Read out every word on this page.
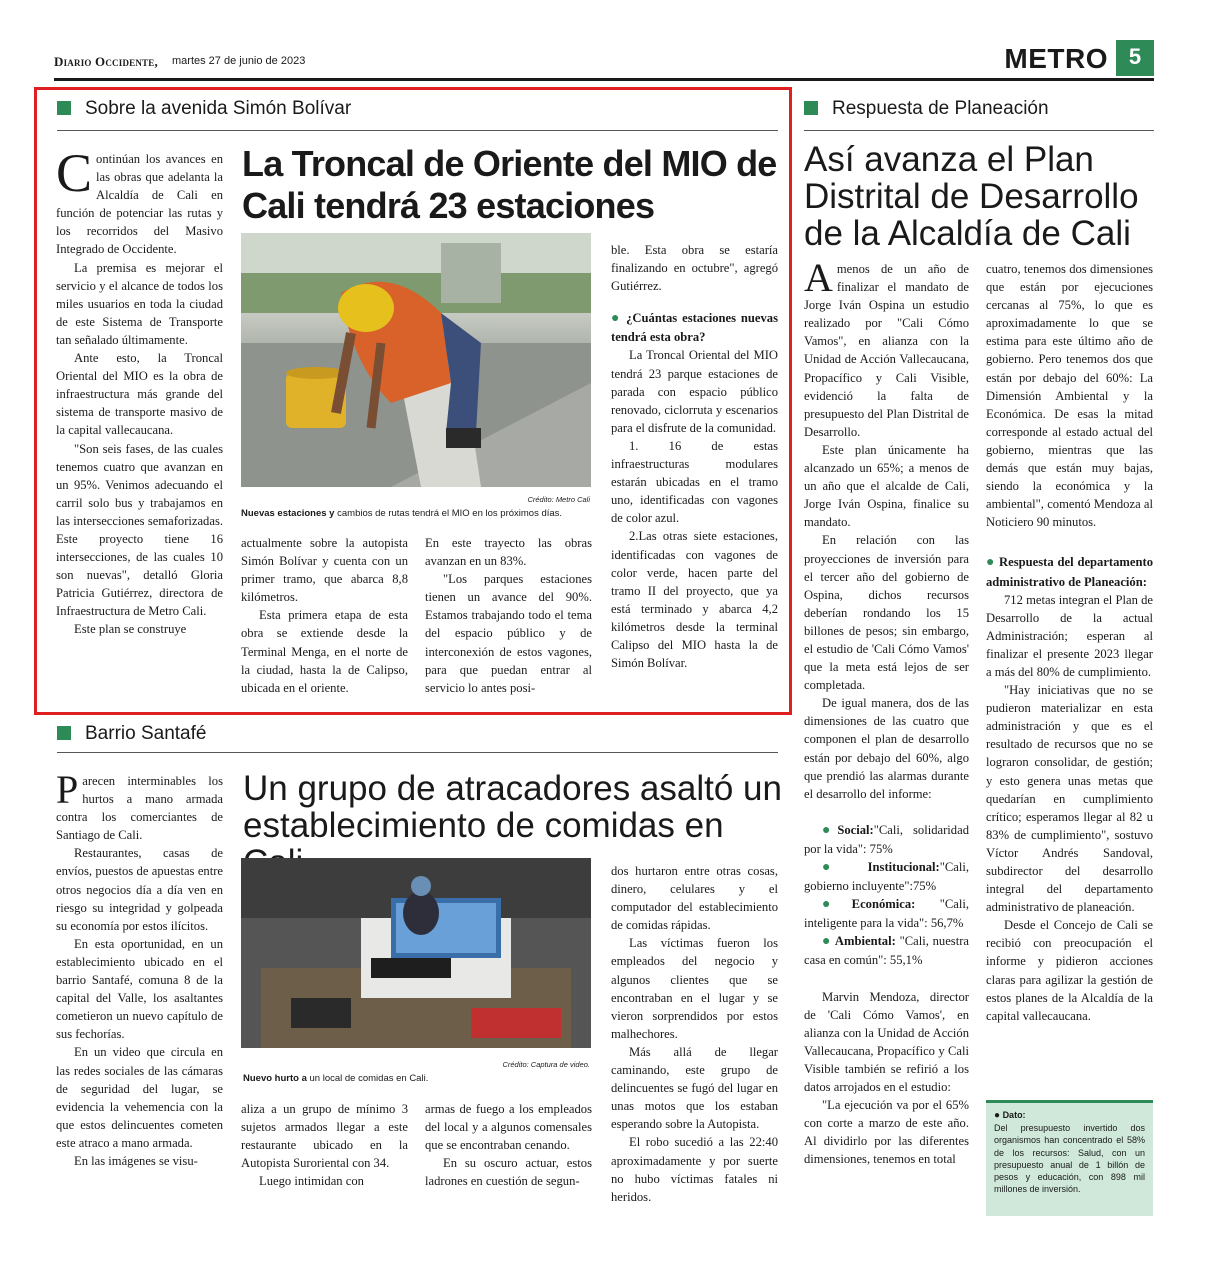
Diario Occidente, martes 27 de junio de 2023	METRO 5
Sobre la avenida Simón Bolívar
La Troncal de Oriente del MIO de
Cali tendrá 23 estaciones

Continúan los avances en las obras que adelanta la Alcaldía de Cali en función de potenciar las rutas y los recorridos del Masivo Integrado de Occidente.

La premisa es mejorar el servicio y el alcance de todos los miles usuarios en toda la ciudad de este Sistema de Transporte tan señalado últimamente.

Ante esto, la Troncal Oriental del MIO es la obra de infraestructura más grande del sistema de transporte masivo de la capital vallecaucana.

"Son seis fases, de las cuales tenemos cuatro que avanzan en un 95%. Venimos adecuando el carril solo bus y trabajamos en las intersecciones semaforizadas. Este proyecto tiene 16 intersecciones, de las cuales 10 son nuevas", detalló Gloria Patricia Gutiérrez, directora de Infraestructura de Metro Cali.

Este plan se construye

Crédito: Metro Cali
Nuevas estaciones y cambios de rutas tendrá el MIO en los próximos días.

actualmente sobre la autopista Simón Bolívar y cuenta con un primer tramo, que abarca 8,8 kilómetros.

Esta primera etapa de esta obra se extiende desde la Terminal Menga, en el norte de la ciudad, hasta la de Calipso, ubicada en el oriente.

En este trayecto las obras avanzan en un 83%.

"Los parques estaciones tienen un avance del 90%. Estamos trabajando todo el tema del espacio público y de interconexión de estos vagones, para que puedan entrar al servicio lo antes posi-

ble. Esta obra se estaría finalizando en octubre", agregó Gutiérrez.

● ¿Cuántas estaciones nuevas tendrá esta obra?

La Troncal Oriental del MIO tendrá 23 parque estaciones de parada con espacio público renovado, ciclorruta y escenarios para el disfrute de la comunidad.

1. 16 de estas infraestructuras modulares estarán ubicadas en el tramo uno, identificadas con vagones de color azul.

2.Las otras siete estaciones, identificadas con vagones de color verde, hacen parte del tramo II del proyecto, que ya está terminado y abarca 4,2 kilómetros desde la terminal Calipso del MIO hasta la de Simón Bolívar.

Barrio Santafé
Un grupo de atracadores asaltó un
establecimiento de comidas en

Parecen interminables los hurtos a mano armada contra los comerciantes de Santiago de Cali.

Restaurantes, casas de envíos, puestos de apuestas entre otros negocios día a día ven en riesgo su integridad y golpeada su economía por estos ilícitos.

En esta oportunidad, en un establecimiento ubicado en el barrio Santafé, comuna 8 de la capital del Valle, los asaltantes cometieron un nuevo capítulo de sus fechorías.

En un video que circula en las redes sociales de las cámaras de seguridad del lugar, se evidencia la vehemencia con la que estos delincuentes cometen este atraco a mano armada.

En las imágenes se visu-

Crédito: Captura de video.
Nuevo hurto a un local de comidas en Cali.

aliza a un grupo de mínimo 3 sujetos armados llegar a este restaurante ubicado en la Autopista Suroriental con 34.

Luego intimidan con

armas de fuego a los empleados del local y a algunos comensales que se encontraban cenando.

En su oscuro actuar, estos ladrones en cuestión de segun-

dos hurtaron entre otras cosas, dinero, celulares y el computador del establecimiento de comidas rápidas.

Las víctimas fueron los empleados del negocio y algunos clientes que se encontraban en el lugar y se vieron sorprendidos por estos malhechores.

Más allá de llegar caminando, este grupo de delincuentes se fugó del lugar en unas motos que los estaban esperando sobre la Autopista.

El robo sucedió a las 22:40 aproximadamente y por suerte no hubo víctimas fatales ni heridos.

Respuesta de Planeación
Así avanza el Plan
Distrital de Desarrollo
de la Alcaldía de Cali

Amenos de un año de finalizar el mandato de Jorge Iván Ospina un estudio realizado por "Cali Cómo Vamos", en alianza con la Unidad de Acción Vallecaucana, Propacífico y Cali Visible, evidenció la falta de presupuesto del Plan Distrital de Desarrollo.

Este plan únicamente ha alcanzado un 65%; a menos de un año que el alcalde de Cali, Jorge Iván Ospina, finalice su mandato.

En relación con las proyecciones de inversión para el tercer año del gobierno de Ospina, dichos recursos deberían rondando los 15 billones de pesos; sin embargo, el estudio de 'Cali Cómo Vamos' que la meta está lejos de ser completada.

De igual manera, dos de las dimensiones de las cuatro que componen el plan de desarrollo están por debajo del 60%, algo que prendió las alarmas durante el desarrollo del informe:

●Social:"Cali, solidaridad por la vida": 75%

●Institucional:"Cali, gobierno incluyente":75%

●Económica: "Cali, inteligente para la vida": 56,7%

● Ambiental: "Cali, nuestra casa en común": 55,1%

Marvin Mendoza, director de 'Cali Cómo Vamos', en alianza con la Unidad de Acción Vallecaucana, Propacífico y Cali Visible también se refirió a los datos arrojados en el estudio:

"La ejecución va por el 65% con corte a marzo de este año. Al dividirlo por las diferentes dimensiones, tenemos en total

cuatro, tenemos dos dimensiones que están por ejecuciones cercanas al 75%, lo que es aproximadamente lo que se estima para este último año de gobierno. Pero tenemos dos que están por debajo del 60%: La Dimensión Ambiental y la Económica. De esas la mitad corresponde al estado actual del gobierno, mientras que las demás que están muy bajas, siendo la económica y la ambiental", comentó Mendoza al Noticiero 90 minutos.

● Respuesta del departamento administrativo de Planeación:

712 metas integran el Plan de Desarrollo de la actual Administración; esperan al finalizar el presente 2023 llegar a más del 80% de cumplimiento.

"Hay iniciativas que no se pudieron materializar en esta administración y que es el resultado de recursos que no se lograron consolidar, de gestión; y esto genera unas metas que quedarían en cumplimiento crítico; esperamos llegar al 82 u 83% de cumplimiento", sostuvo Víctor Andrés Sandoval, subdirector del desarrollo integral del departamento administrativo de planeación.

Desde el Concejo de Cali se recibió con preocupación el informe y pidieron acciones claras para agilizar la gestión de estos planes de la Alcaldía de la capital vallecaucana.

● Dato:
Del presupuesto invertido dos organismos han concentrado el 58% de los recursos: Salud, con un presupuesto anual de 1 billón de pesos y educación, con 898 mil millones de inversión.
